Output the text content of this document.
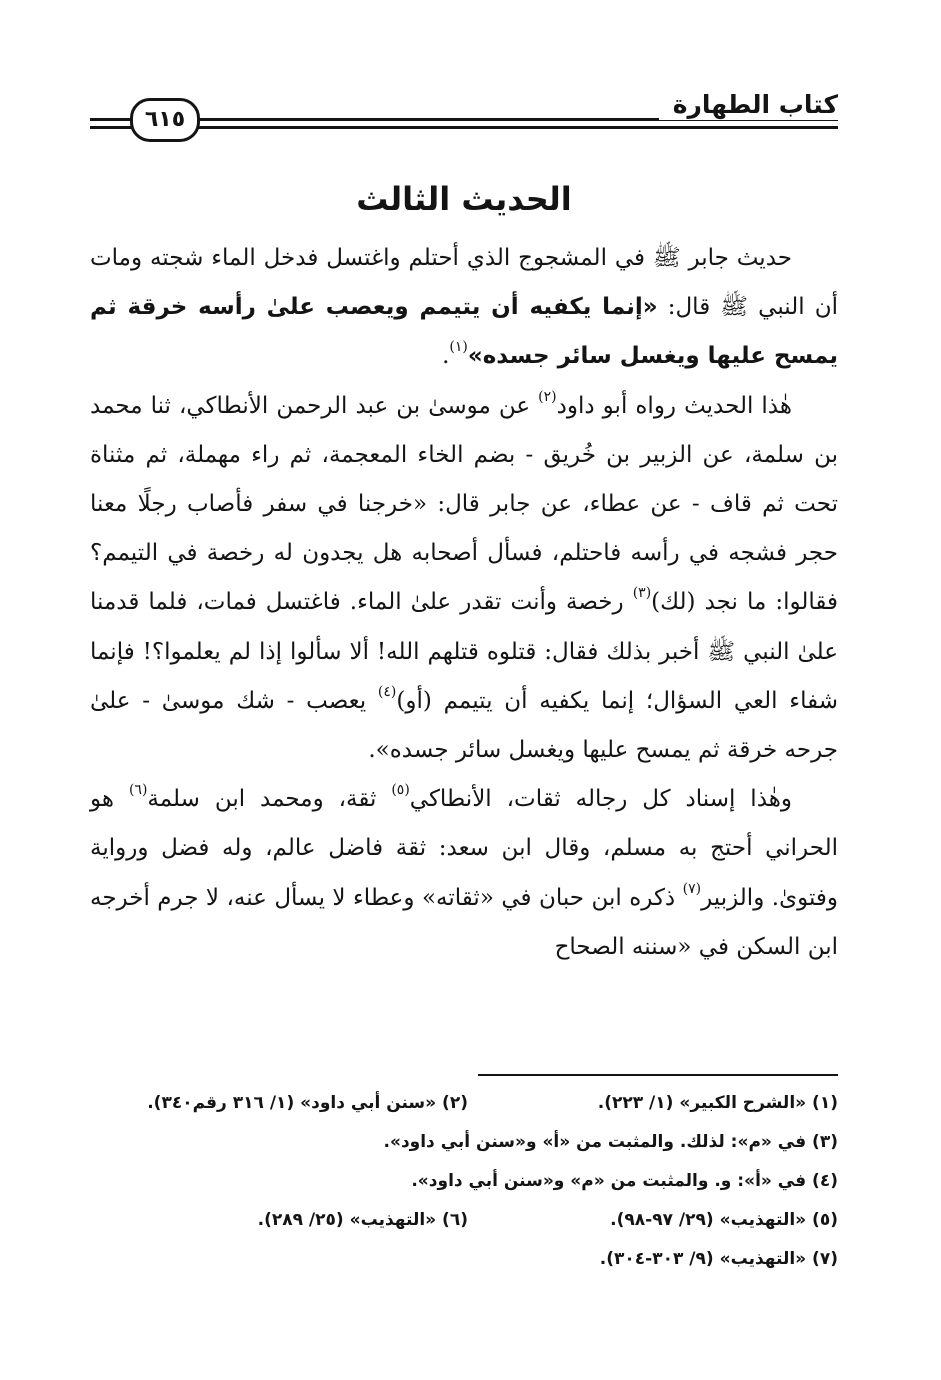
كتاب الطهارة
٦١٥
الحديث الثالث

حديث جابر ﷺ في المشجوج الذي أحتلم واغتسل فدخل الماء شجته ومات أن النبي ﷺ قال: «إنما يكفيه أن يتيمم ويعصب علىٰ رأسه خرقة ثم يمسح عليها ويغسل سائر جسده»$^{(١)}$.

هٰذا الحديث رواه أبو داود$^{(٢)}$ عن موسىٰ بن عبد الرحمن الأنطاكي، ثنا محمد بن سلمة، عن الزبير بن خُريق - بضم الخاء المعجمة، ثم راء مهملة، ثم مثناة تحت ثم قاف - عن عطاء، عن جابر قال: «خرجنا في سفر فأصاب رجلًا معنا حجر فشجه في رأسه فاحتلم، فسأل أصحابه هل يجدون له رخصة في التيمم؟ فقالوا: ما نجد (لك)$^{(٣)}$ رخصة وأنت تقدر علىٰ الماء. فاغتسل فمات، فلما قدمنا علىٰ النبي ﷺ أخبر بذلك فقال: قتلوه قتلهم الله! ألا سألوا إذا لم يعلموا؟! فإنما شفاء العي السؤال؛ إنما يكفيه أن يتيمم (أو)$^{(٤)}$ يعصب - شك موسىٰ - علىٰ جرحه خرقة ثم يمسح عليها ويغسل سائر جسده».

وهٰذا إسناد كل رجاله ثقات، الأنطاكي$^{(٥)}$ ثقة، ومحمد ابن سلمة$^{(٦)}$ هو الحراني أحتج به مسلم، وقال ابن سعد: ثقة فاضل عالم، وله فضل ورواية وفتوىٰ. والزبير$^{(٧)}$ ذكره ابن حبان في «ثقاته» وعطاء لا يسأل عنه، لا جرم أخرجه ابن السكن في «سننه الصحاح

(١) «الشرح الكبير» (١/ ٢٢٣).
(٢) «سنن أبي داود» (١/ ٣١٦ رقم٣٤٠).
(٣) في «م»: لذلك. والمثبت من «أ» و«سنن أبي داود».
(٤) في «أ»: و. والمثبت من «م» و«سنن أبي داود».
(٥) «التهذيب» (٢٩/ ٩٧-٩٨).
(٦) «التهذيب» (٢٥/ ٢٨٩).
(٧) «التهذيب» (٩/ ٣٠٣-٣٠٤).
